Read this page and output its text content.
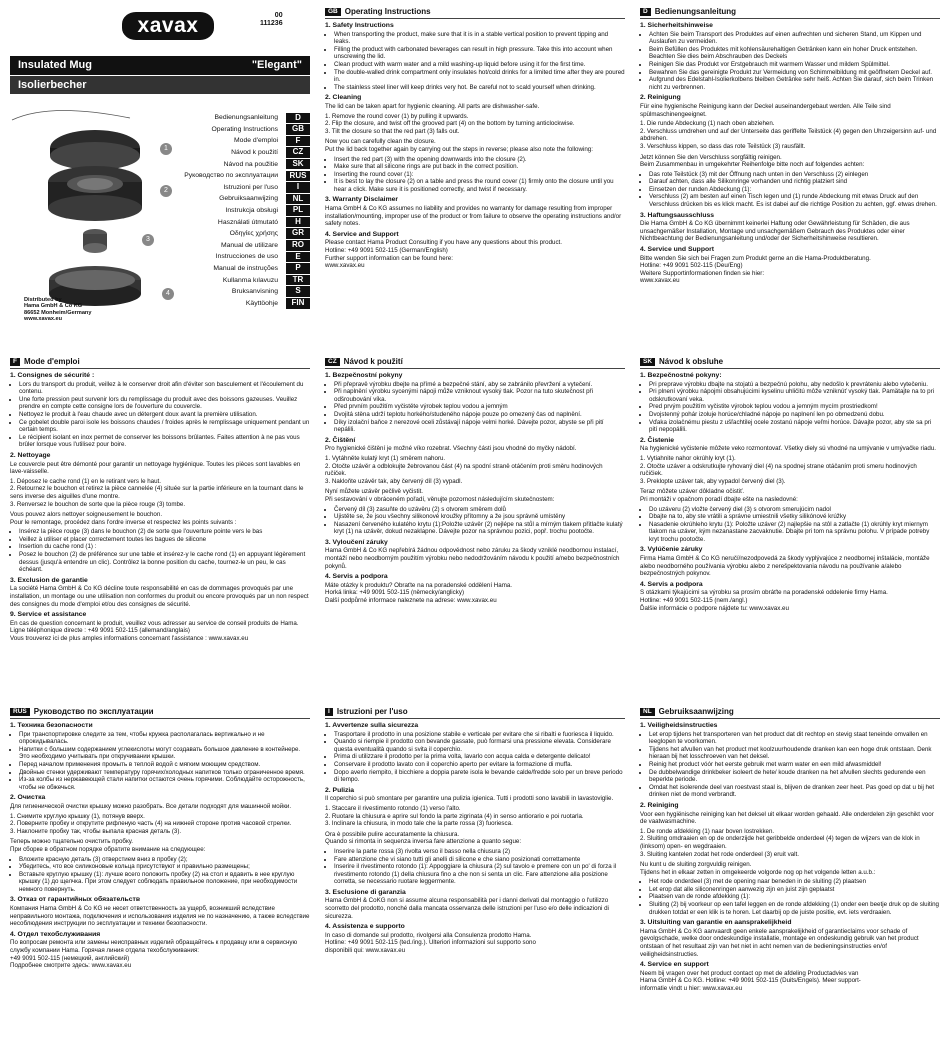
xavax	00
111236
Insulated Mug	"Elegant"
Isolierbecher
1
2
3
4
Distributed by
Hama GmbH & Co KG
86652 Monheim/Germany
www.xavax.eu
Bedienungsanleitung	D
Operating Instructions	GB
Mode d'emploi	F
Návod k použití	CZ
Návod na použitie	SK
Руководство по эксплуатации	RUS
Istruzioni per l'uso	I
Gebruiksaanwijzing	NL
Instrukcja obsługi	PL
Használati útmutató	H
Οδηγίες χρήσης	GR
Manual de utilizare	RO
Instrucciones de uso	E
Manual de instruções	P
Kullanma kılavuzu	TR
Bruksanvisning	S
Käyttöohje	FIN
GB Operating Instructions
1. Safety Instructions
• When transporting the product, make sure that it is in a stable vertical position to prevent tipping and leaks.
• Filling the product with carbonated beverages can result in high pressure. Take this into account when unscrewing the lid.
• Clean product with warm water and a mild washing-up liquid before using it for the first time.
• The double-walled drink compartment only insulates hot/cold drinks for a limited time after they are poured in.
• The stainless steel liner will keep drinks very hot. Be careful not to scald yourself when drinking.
2. Cleaning

The lid can be taken apart for hygienic cleaning. All parts are dishwasher-safe.

1. Remove the round cover (1) by pulling it upwards.

2. Flip the closure, and twist off the grooved part (4) on the bottom by turning anticlockwise.

3. Tilt the closure so that the red part (3) falls out.

Now you can carefully clean the closure.

Put the lid back together again by carrying out the steps in reverse; please also note the following:

• Insert the red part (3) with the opening downwards into the closure (2).
• Make sure that all silicone rings are put back in the correct position.
• Inserting the round cover (1):
• It is best to lay the closure (2) on a table and press the round cover (1) firmly onto the closure until you hear a click. Make sure it is positioned correctly, and twist if necessary.
3. Warranty Disclaimer

Hama GmbH & Co KG assumes no liability and provides no warranty for damage resulting from improper installation/mounting, improper use of the product or from failure to observe the operating instructions and/or safety notes.

4. Service and Support

Please contact Hama Product Consulting if you have any questions about this product.

Hotline: +49 9091 502-115 (German/English)

Further support information can be found here:

www.xavax.eu

D Bedienungsanleitung
1. Sicherheitshinweise
• Achten Sie beim Transport des Produktes auf einen aufrechten und sicheren Stand, um Kippen und Auslaufen zu vermeiden.
• Beim Befüllen des Produktes mit kohlensäurehaltigen Getränken kann ein hoher Druck entstehen. Beachten Sie dies beim Abschrauben des Deckels
• Reinigen Sie das Produkt vor Erstgebrauch mit warmem Wasser und mildem Spülmittel.
• Bewahren Sie das gereinigte Produkt zur Vermeidung von Schimmelbildung mit geöffnetem Deckel auf.
• Aufgrund des Edelstahl-Isolierkolbens bleiben Getränke sehr heiß. Achten Sie darauf, sich beim Trinken nicht zu verbrennen.
2. Reinigung

Für eine hygienische Reinigung kann der Deckel auseinandergebaut werden. Alle Teile sind spülmaschinengeeignet.

1. Die runde Abdeckung (1) nach oben abziehen.

2. Verschluss umdrehen und auf der Unterseite das geriffelte Teilstück (4) gegen den Uhrzeigersinn auf- und abdrehen.

3. Verschluss kippen, so dass das rote Teilstück (3) rausfällt.

Jetzt können Sie den Verschluss sorgfältig reinigen.

Beim Zusammenbau in umgekehrter Reihenfolge bitte noch auf folgendes achten:

• Das rote Teilstück (3) mit der Öffnung nach unten in den Verschluss (2) einlegen
• Darauf achten, dass alle Silikonringe vorhanden und richtig platziert sind
• Einsetzen der runden Abdeckung (1):
• Verschluss (2) am besten auf einen Tisch legen und (1) runde Abdeckung mit etwas Druck auf den Verschluss drücken bis es klick macht. Es ist dabei auf die richtige Position zu achten, ggf. etwas drehen.
3. Haftungsausschluss

Die Hama GmbH & Co KG übernimmt keinerlei Haftung oder Gewährleistung für Schäden, die aus unsachgemäßer Installation, Montage und unsachgemäßem Gebrauch des Produktes oder einer Nichtbeachtung der Bedienungsanleitung und/oder der Sicherheitshinweise resultieren.

4. Service und Support

Bitte wenden Sie sich bei Fragen zum Produkt gerne an die Hama-Produktberatung.

Hotline: +49 9091 502-115 (Deu/Eng)

Weitere Supportinformationen finden sie hier:

www.xavax.eu

F Mode d'emploi
1. Consignes de sécurité :
• Lors du transport du produit, veillez à le conserver droit afin d'éviter son basculement et l'écoulement du contenu.
• Une forte pression peut survenir lors du remplissage du produit avec des boissons gazeuses. Veuillez prendre en compte cette consigne lors de l'ouverture du couvercle.
• Nettoyez le produit à l'eau chaude avec un détergent doux avant la première utilisation.
• Ce gobelet double paroi isole les boissons chaudes / froides après le remplissage uniquement pendant un certain temps.
• Le récipient isolant en inox permet de conserver les boissons brûlantes. Faites attention à ne pas vous brûler lorsque vous l'utilisez pour boire.
2. Nettoyage

Le couvercle peut être démonté pour garantir un nettoyage hygiénique. Toutes les pièces sont lavables en lave-vaisselle.

1. Déposez le cache rond (1) en le retirant vers le haut.

2. Retournez le bouchon et retirez la pièce cannelée (4) située sur la partie inférieure en la tournant dans le sens inverse des aiguilles d'une montre.

3. Renversez le bouchon de sorte que la pièce rouge (3) tombe.

Vous pouvez alors nettoyer soigneusement le bouchon.

Pour le remontage, procédez dans l'ordre inverse et respectez les points suivants :

• Insérez la pièce rouge (3) dans le bouchon (2) de sorte que l'ouverture pointe vers le bas
• Veillez à utiliser et placer correctement toutes les bagues de silicone
• Insertion du cache rond (1) :
• Posez le bouchon (2) de préférence sur une table et insérez-y le cache rond (1) en appuyant légèrement dessus (jusqu'à entendre un clic). Contrôlez la bonne position du cache, tournez-le un peu, le cas échéant.
3. Exclusion de garantie

La société Hama GmbH & Co KG décline toute responsabilité en cas de dommages provoqués par une installation, un montage ou une utilisation non conformes du produit ou encore provoqués par un non respect des consignes du mode d'emploi et/ou des consignes de sécurité.

9. Service et assistance

En cas de question concernant le produit, veuillez vous adresser au service de conseil produits de Hama.

Ligne téléphonique directe : +49 9091 502-115 (allemand/anglais)

Vous trouverez ici de plus amples informations concernant l'assistance : www.xavax.eu

CZ Návod k použití
1. Bezpečnostní pokyny
• Při přepravě výrobku dbejte na přímé a bezpečné stání, aby se zabránilo převržení a vytečení.
• Při naplnění výrobku sycenými nápoji může vzniknout vysoký tlak. Pozor na tuto skutečnost při odšroubování víka.
• Před prvním použitím vyčistěte výrobek teplou vodou a jemným
• Dvojitá stěna udrží teplotu horkého/studeného nápoje pouze po omezený čas od naplnění.
• Díky izolační baňce z nerezové oceli zůstávají nápoje velmi horké. Dávejte pozor, abyste se při pití nepálili.
2. Čištění

Pro hygienické čištění je možné víko rozebrat. Všechny části jsou vhodné do myčky nádobí.

1. Vytáhněte kulatý kryt (1) směrem nahoru.

2. Otočte uzávěr a odblokujte žebrovanou část (4) na spodní straně otáčením proti směru hodinových ručiček.

3. Nakloňte uzávěr tak, aby červený díl (3) vypadl.

Nyní můžete uzávěr pečlivě vyčistit.

Při sestavování v obráceném pořadí, věnujte pozornost následujícím skutečnostem:

• Červený díl (3) zasuňte do uzávěru (2) s otvorem směrem dolů
• Ujistěte se, že jsou všechny silikonové kroužky přítomny a že jsou správně umístěny
• Nasazení červeného kulatého krytu (1):Položte uzávěr (2) nejlépe na stůl a mírným tlakem přitlačte kulatý kryt (1) na uzávěr, dokud nezaklapne. Dávejte pozor na správnou pozici, popř. trochu pootočte.
3. Vyloučení záruky

Hama GmbH & Co KG nepřebírá žádnou odpovědnost nebo záruku za škody vzniklé neodbornou instalací, montáží nebo neodborným použitím výrobku nebo nedodržováním návodu k použití a/nebo bezpečnostních pokynů.

4. Servis a podpora

Máte otázky k produktu? Obraťte na na poradenské oddělení Hama.

Horká linka: +49 9091 502-115 (německy/anglicky)

Další podpůrné informace naleznete na adrese: www.xavax.eu

SK Návod k obsluhe
1. Bezpečnostné pokyny:
• Pri preprave výrobku dbajte na stojatú a bezpečnú polohu, aby nedošlo k prevráteniu alebo vytečeniu.
• Pri plnení výrobku nápojmi obsahujúcimi kyselinu uhličitú môže vzniknúť vysoký tlak. Pamätajte na to pri odskrutkovaní veka.
• Pred prvým použitím vyčistite výrobok teplou vodou a jemným mycím prostriedkom!
• Dvojstenný pohár izoluje horúce/chladné nápoje po naplnení len po obmedzenú dobu.
• Vďaka izolačnému piestu z ušľachtilej ocele zostanú nápoje veľmi horúce. Dávajte pozor, aby ste sa pri pití nepopálili.
2. Čistenie

Na hygienické vyčistenie môžete veko rozmontovať. Všetky diely sú vhodné na umývanie v umývačke riadu.

1. Vytiahnite nahor okrúhly kryt (1).

2. Otočte uzáver a odskrutkujte ryhovaný diel (4) na spodnej strane otáčaním proti smeru hodinových ručičiek.

3. Preklopte uzáver tak, aby vypadol červený diel (3).

Teraz môžete uzáver dôkladne očistiť.

Pri montáži v opačnom poradí dbajte ešte na nasledovné:

• Do uzáveru (2) vložte červený diel (3) s otvorom smerujúcim nadol
• Dbajte na to, aby ste vrátili a správne umiestnili všetky silikónové krúžky
• Nasadenie okrúhleho krytu (1): Položte uzáver (2) najlepšie na stôl a zatlačte (1) okrúhly kryt miernym tlakom na uzáver, kým nezanastane zacvaknutie. Dbajte pri tom na správnu polohu. V prípade potreby kryt trochu pootočte.
3. Vylúčenie záruky

Firma Hama GmbH & Co KG neručí/nezodpovedá za škody vyplývajúce z neodbornej inštalácie, montáže alebo neodborného používania výrobku alebo z nerešpektovania návodu na používanie a/alebo bezpečnostných pokynov.

4. Servis a podpora

S otázkami týkajúcimi sa výrobku sa prosím obráťte na poradenské oddelenie firmy Hama.

Hotline: +49 9091 502-115 (nem./angl.)

Ďalšie informácie o podpore nájdete tu: www.xavax.eu

RUS Руководство по эксплуатации
1. Техника безопасности
• При транспортировке следите за тем, чтобы кружка располагалась вертикально и не опрокидывалась.
• Напитки с большим содержанием углекислоты могут создавать большое давление в контейнере. Это необходимо учитывать при откручивании крышки.
• Перед началом применения промыть в теплой водой с мягким моющим средством.
• Двойные стенки удерживают температуру горячих/холодных напитков только ограниченное время.
• Из-за колбы из нержавеющей стали напитки остаются очень горячими. Соблюдайте осторожность, чтобы не обжечься.
2. Очистка

Для гигиенической очистки крышку можно разобрать. Все детали подходят для машинной мойки.

1. Снимите круглую крышку (1), потянув вверх.

2. Поверните пробку и открутите рифленую часть (4) на нижней стороне против часовой стрелки.

3. Наклоните пробку так, чтобы выпала красная деталь (3).

Теперь можно тщательно очистить пробку.

При сборке в обратном порядке обратите внимание на следующее:

• Вложите красную деталь (3) отверстием вниз в пробку (2);
• Убедитесь, что все силиконовые кольца присутствуют и правильно размещены;
• Вставьте круглую крышку (1): лучше всего положить пробку (2) на стол и вдавить в нее круглую крышку (1) до щелчка. При этом следует соблюдать правильное положение, при необходимости немного повернуть.
3. Отказ от гарантийных обязательств

Компания Hama GmbH & Co KG не несет ответственность за ущерб, возникший вследствие неправильного монтажа, подключения и использования изделия не по назначению, а также вследствие несоблюдения инструкции по эксплуатации и техники безопасности.

4. Отдел техобслуживания

По вопросам ремонта или замены неисправных изделий обращайтесь к продавцу или в сервисную службу компании Hama. Горячая линия отдела техобслуживания:

+49 9091 502-115 (немецкий, английский)

Подробнее смотрите здесь: www.xavax.eu

I Istruzioni per l'uso
1. Avvertenze sulla sicurezza
• Trasportare il prodotto in una posizione stabile e verticale per evitare che si ribalti e fuoriesca il liquido.
• Quando si riempie il prodotto con bevande gassate, può formarsi una pressione elevata. Considerare questa eventualità quando si svita il coperchio.
• Prima di utilizzare il prodotto per la prima volta, lavarlo con acqua calda e detergente delicato!
• Conservare il prodotto lavato con il coperchio aperto per evitare la formazione di muffa.
• Dopo averlo riempito, il bicchiere a doppia parete isola le bevande calde/fredde solo per un breve periodo di tempo.
2. Pulizia

Il coperchio si può smontare per garantire una pulizia igienica. Tutti i prodotti sono lavabili in lavastoviglie.

1. Staccare il rivestimento rotondo (1) verso l'alto.

2. Ruotare la chiusura e aprire sul fondo la parte zigrinata (4) in senso antiorario e poi ruotarla.

3. Inclinare la chiusura, in modo tale che la parte rossa (3) fuoriesca.

Ora è possibile pulire accuratamente la chiusura.

Quando si rimonta in sequenza inversa fare attenzione a quanto segue:

• Inserire la parte rossa (3) rivolta verso il basso nella chiusura (2)
• Fare attenzione che vi siano tutti gli anelli di silicone e che siano posizionati correttamente
• Inserire il rivestimento rotondo (1): Appoggiare la chiusura (2) sul tavolo e premere con un po' di forza il rivestimento rotondo (1) della chiusura fino a che non si senta un clic. Fare attenzione alla posizione corretta, se necessario ruotare leggermente.
3. Esclusione di garanzia

Hama GmbH & CoKG non si assume alcuna responsabilità per i danni derivati dal montaggio o l'utilizzo scorretto del prodotto, nonché dalla mancata osservanza delle istruzioni per l'uso e/o delle indicazioni di sicurezza.

4. Assistenza e supporto

In caso di domande sul prodotto, rivolgersi alla Consulenza prodotto Hama.

Hotline: +49 9091 502-115 (ted./ing.). Ulteriori informazioni sul supporto sono

disponibili qui: www.xavax.eu

NL Gebruiksaanwijzing
1. Veiligheidsinstructies
• Let erop tijdens het transporteren van het product dat dit rechtop en stevig staat teneinde omvallen en leeglopen te voorkomen.
• Tijdens het afvullen van het product met koolzuurhoudende dranken kan een hoge druk ontstaan. Denk hieraan bij het losschroeven van het deksel.
• Reinig het product vóór het eerste gebruik met warm water en een mild afwasmiddel!
• De dubbelwandige drinkbeker isoleert de hete/ koude dranken na het afvullen slechts gedurende een beperkte periode.
• Omdat het isolerende deel van roestvast staal is, blijven de dranken zeer heet. Pas goed op dat u bij het drinken niet de mond verbrandt.
2. Reiniging

Voor een hygiënische reiniging kan het deksel uit elkaar worden gehaald. Alle onderdelen zijn geschikt voor de vaatwasmachine.

1. De ronde afdekking (1) naar boven lostrekken.

2. Sluiting omdraaien en op de onderzijde het geribbelde onderdeel (4) tegen de wijzers van de klok in (linksom) open- en wegdraaien.

3. Sluiting kantelen zodat het rode onderdeel (3) eruit valt.

Nu kunt u de sluiting zorgvuldig reinigen.

Tijdens het in elkaar zetten in omgekeerde volgorde nog op het volgende letten a.u.b.:

• Het rode onderdeel (3) met de opening naar beneden in de sluiting (2) plaatsen
• Let erop dat alle siliconenringen aanwezig zijn en juist zijn geplaatst
• Plaatsen van de ronde afdekking (1):
• Sluiting (2) bij voorkeur op een tafel leggen en de ronde afdekking (1) onder een beetje druk op de sluiting drukken totdat er een klik is te horen. Let daarbij op de juiste positie, evt. iets verdraaien.
3. Uitsluiting van garantie en aansprakelijkheid

Hama GmbH & Co KG aanvaardt geen enkele aansprakelijkheid of garantieclaims voor schade of gevolgschade, welke door ondeskundige installatie, montage en ondeskundig gebruik van het product ontstaan of het resultaat zijn van het niet in acht nemen van de bedieningsinstructies en/of veiligheidsinstructies.

4. Service en support

Neem bij vragen over het product contact op met de afdeling Productadvies van

Hama GmbH & Co KG. Hotline: +49 9091 502-115 (Duits/Engels). Meer support-

informatie vindt u hier: www.xavax.eu
